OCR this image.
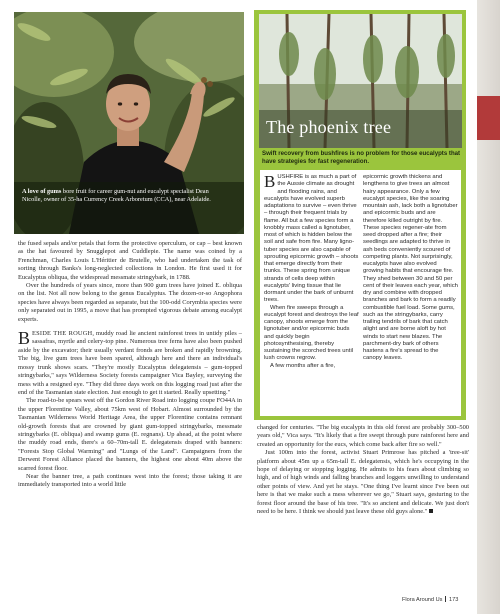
A love of gums bore fruit for career gum-nut and eucalypt specialist Dean Nicolle, owner of 35-ha Currency Creek Arboretum (CCA), near Adelaide.

the fused sepals and/or petals that form the protective operculum, or cap – best known as the hat favoured by Snugglepot and Cuddlepie. The name was coined by a Frenchman, Charles Louis L'Héritier de Brutelle, who had undertaken the task of sorting through Banks's long-neglected collections in London. He first used it for Eucalyptus obliqua, the widespread messmate stringybark, in 1788.

Over the hundreds of years since, more than 900 gum trees have joined E. obliqua on the list. Not all now belong to the genus Eucalyptus. The dozen-or-so Angophora species have always been regarded as separate, but the 100-odd Corymbia species were only separated out in 1995, a move that has prompted vigorous debate among eucalypt experts.

BESIDE THE ROUGH, muddy road lie ancient rainforest trees in untidy piles – sassafras, myrtle and celery-top pine. Numerous tree ferns have also been pushed aside by the excavator; their usually verdant fronds are broken and rapidly browning. The big, live gum trees have been spared, although here and there an individual's mossy trunk shows scars. "They're mostly Eucalyptus delegatensis – gum-topped stringybarks," says Wilderness Society forests campaigner Vica Bayley, surveying the mess with a resigned eye. "They did three days work on this logging road just after the end of the Tasmanian state election. Just enough to get it started. Really upsetting."

The road-to-be spears west off the Gordon River Road into logging coupe FO44A in the upper Florentine Valley, about 75km west of Hobart. Almost surrounded by the Tasmanian Wilderness World Heritage Area, the upper Florentine contains remnant old-growth forests that are crowned by giant gum-topped stringybarks, messmate stringybarks (E. obliqua) and swamp gums (E. regnans). Up ahead, at the point where the muddy road ends, there's a 60–70m-tall E. delegatensis draped with banners: "Forests Stop Global Warming" and "Lungs of the Land". Campaigners from the Derwent Forest Alliance placed the banners, the highest one about 40m above the scarred forest floor.

Near the banner tree, a path continues west into the forest; those taking it are immediately transported into a world little

The phoenix tree
Swift recovery from bushfires is no problem for those eucalypts that have strategies for fast regeneration.

BUSHFIRE is as much a part of the Aussie climate as drought and flooding rains, and eucalypts have evolved superb adaptations to survive – even thrive – through their frequent trials by flame. All but a few species form a knobbly mass called a lignotuber, most of which is hidden below the soil and safe from fire. Many ligno-tuber species are also capable of sprouting epicormic growth – shoots that emerge directly from their trunks. These spring from unique strands of cells deep within eucalypts' living tissue that lie dormant under the bark of unburnt trees.

When fire sweeps through a eucalypt forest and destroys the leaf canopy, shoots emerge from the lignotuber and/or epicormic buds and quickly begin photosynthesising, thereby sustaining the scorched trees until lush crowns regrow.

A few months after a fire,

epicormic growth thickens and lengthens to give trees an almost hairy appearance. Only a few eucalypt species, like the soaring mountain ash, lack both a lignotuber and epicormic buds and are therefore killed outright by fire. These species regener-ate from seed dropped after a fire; their seedlings are adapted to thrive in ash beds conveniently scoured of competing plants. Not surprisingly, eucalypts have also evolved growing habits that encourage fire. They shed between 30 and 50 per cent of their leaves each year, which dry and combine with dropped branches and bark to form a readily combustible fuel load. Some gums, such as the stringybarks, carry trailing tendrils of bark that catch alight and are borne aloft by hot winds to start new blazes. The parchment-dry bark of others hastens a fire's spread to the canopy leaves.

changed for centuries. "The big eucalypts in this old forest are probably 300–500 years old," Vica says. "It's likely that a fire swept through pure rainforest here and created an opportunity for the eucs, which come back after fire so well."

Just 100m into the forest, activist Stuart Primrose has pitched a 'tree-sit' platform about 45m up a 65m-tall E. delegatensis, which he's occupying in the hope of delaying or stopping logging. He admits to his fears about climbing so high, and of high winds and falling branches and loggers unwilling to understand other points of view. And yet he stays. "One thing I've learnt since I've been out here is that we make such a mess wherever we go," Stuart says, gesturing to the forest floor around the base of his tree. "It's so ancient and delicate. We just don't need to be here. I think we should just leave these old guys alone."

Flora Around Us 173
